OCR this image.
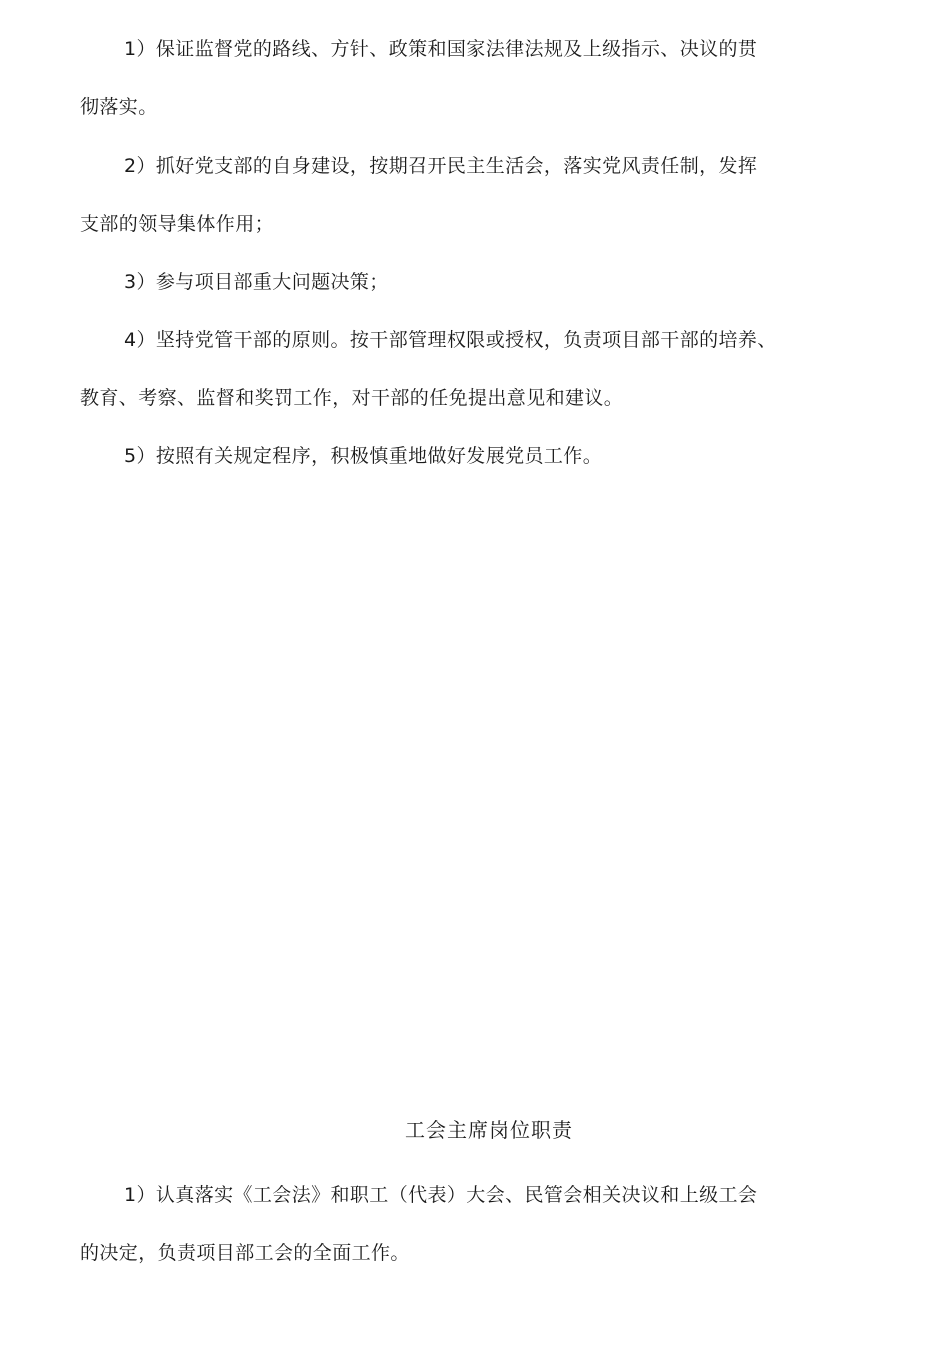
1）保证监督党的路线、方针、政策和国家法律法规及上级指示、决议的贯
彻落实。
2）抓好党支部的自身建设，按期召开民主生活会，落实党风责任制，发挥
支部的领导集体作用；
3）参与项目部重大问题决策；
4）坚持党管干部的原则。按干部管理权限或授权，负责项目部干部的培养、
教育、考察、监督和奖罚工作，对干部的任免提出意见和建议。
5）按照有关规定程序，积极慎重地做好发展党员工作。
工会主席岗位职责
1）认真落实《工会法》和职工（代表）大会、民管会相关决议和上级工会
的决定，负责项目部工会的全面工作。
